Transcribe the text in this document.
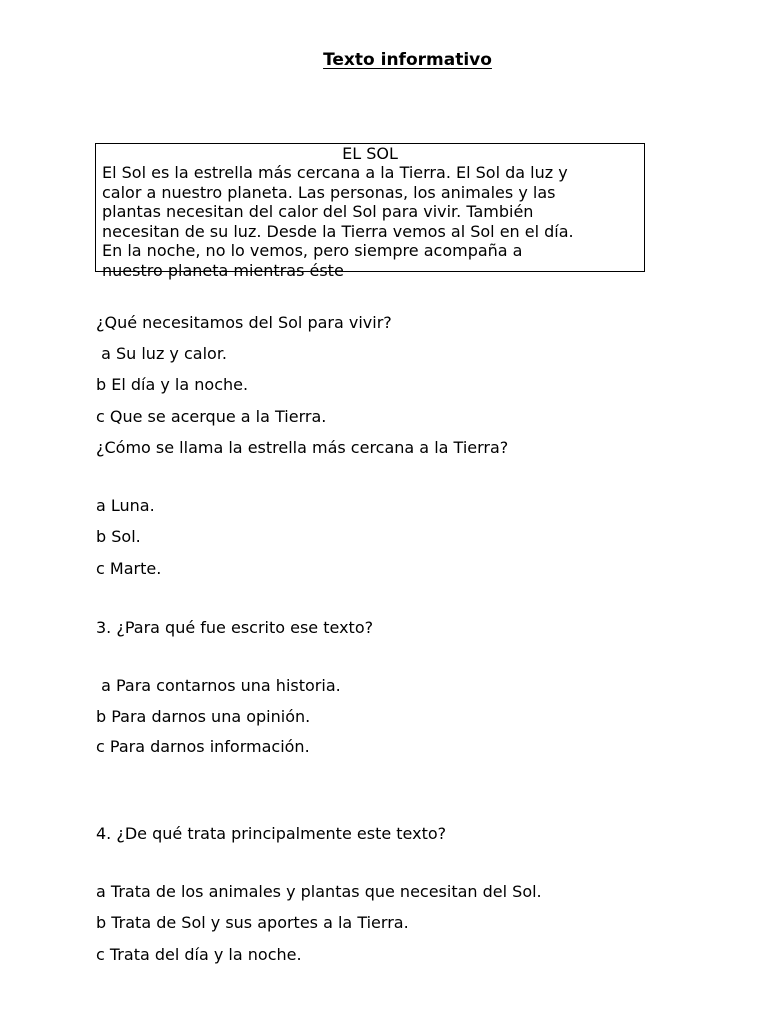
Texto informativo
EL SOL
El Sol es la estrella más cercana a la Tierra. El Sol da luz y
calor a nuestro planeta. Las personas, los animales y las
plantas necesitan del calor del Sol para vivir. También
necesitan de su luz. Desde la Tierra vemos al Sol en el día.
En la noche, no lo vemos, pero siempre acompaña a
nuestro planeta mientras éste
¿Qué necesitamos del Sol para vivir?
a Su luz y calor.
b El día y la noche.
c Que se acerque a la Tierra.
¿Cómo se llama la estrella más cercana a la Tierra?
a Luna.
b Sol.
c Marte.
3. ¿Para qué fue escrito ese texto?
a Para contarnos una historia.
b Para darnos una opinión.
c Para darnos información.
4. ¿De qué trata principalmente este texto?
a Trata de los animales y plantas que necesitan del Sol.
b Trata de Sol y sus aportes a la Tierra.
c Trata del día y la noche.
